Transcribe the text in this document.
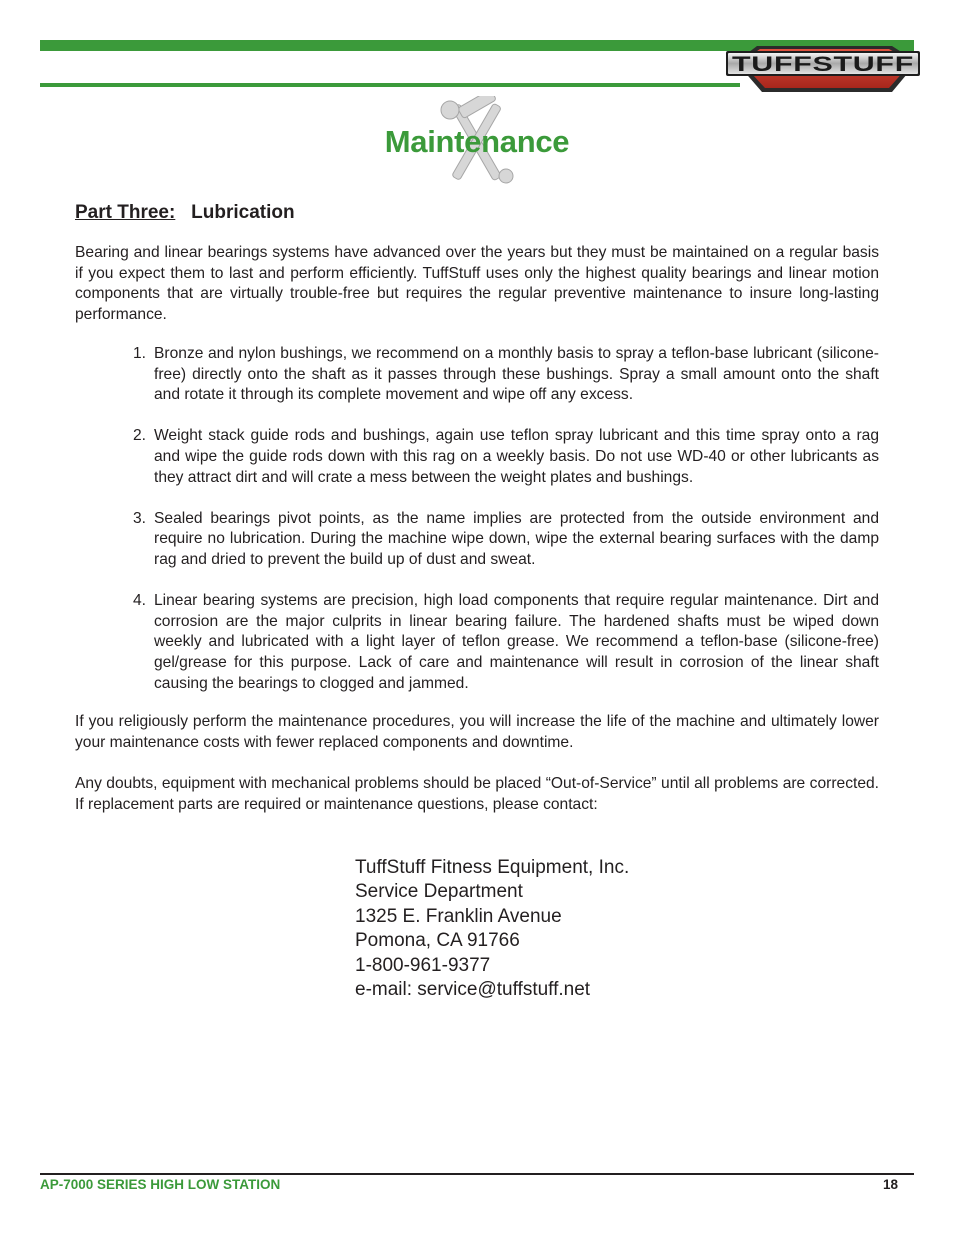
TUFFSTUFF
Maintenance
Part Three: Lubrication

Bearing and linear bearings systems have advanced over the years but they must be maintained on a regular basis if you expect them to last and perform efficiently. TuffStuff uses only the highest quality bearings and linear motion components that are virtually trouble-free but requires the regular preventive maintenance to insure long-lasting performance.

1. Bronze and nylon bushings, we recommend on a monthly basis to spray a teflon-base lubricant (silicone-free) directly onto the shaft as it passes through these bushings. Spray a small amount onto the shaft and rotate it through its complete movement and wipe off any excess.
2. Weight stack guide rods and bushings, again use teflon spray lubricant and this time spray onto a rag and wipe the guide rods down with this rag on a weekly basis. Do not use WD-40 or other lubricants as they attract dirt and will crate a mess between the weight plates and bushings.
3. Sealed bearings pivot points, as the name implies are protected from the outside environment and require no lubrication. During the machine wipe down, wipe the external bearing surfaces with the damp rag and dried to prevent the build up of dust and sweat.
4. Linear bearing systems are precision, high load components that require regular maintenance. Dirt and corrosion are the major culprits in linear bearing failure. The hardened shafts must be wiped down weekly and lubricated with a light layer of teflon grease. We recommend a teflon-base (silicone-free) gel/grease for this purpose. Lack of care and maintenance will result in corrosion of the linear shaft causing the bearings to clogged and jammed.

If you religiously perform the maintenance procedures, you will increase the life of the machine and ultimately lower your maintenance costs with fewer replaced components and downtime.

Any doubts, equipment with mechanical problems should be placed “Out-of-Service” until all problems are corrected. If replacement parts are required or maintenance questions, please contact:

TuffStuff Fitness Equipment, Inc.
Service Department
1325 E. Franklin Avenue
Pomona, CA 91766
1-800-961-9377
e-mail: service@tuffstuff.net
AP-7000 SERIES HIGH LOW STATION	18
